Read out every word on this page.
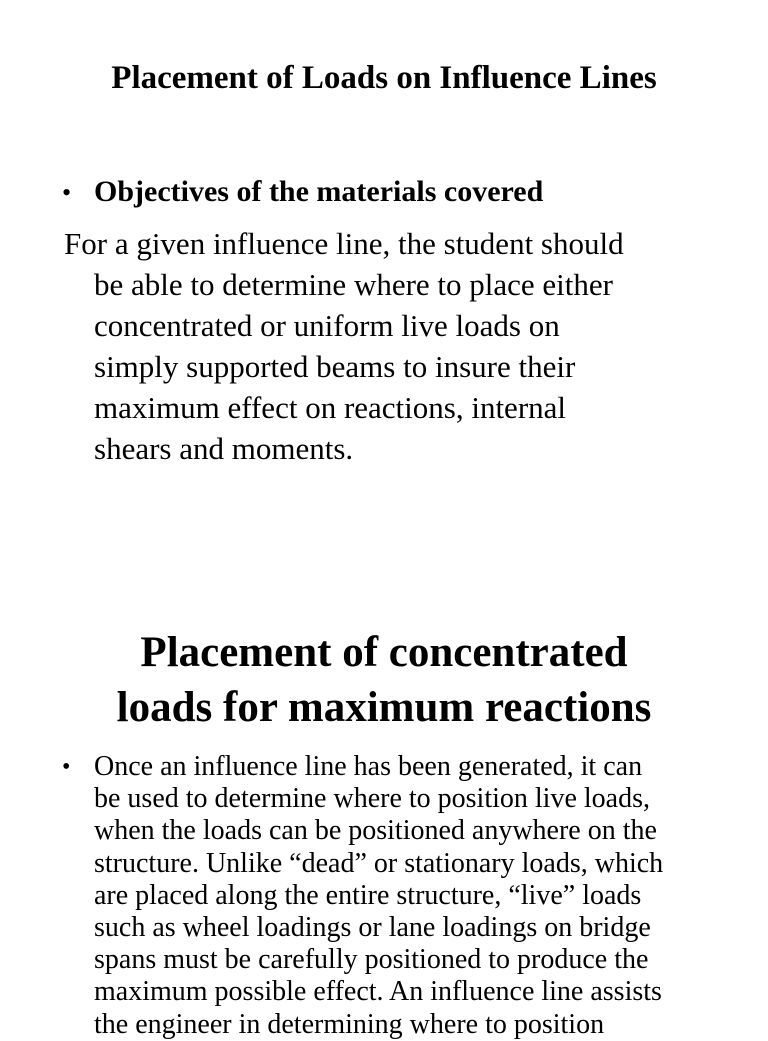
Placement of Loads on Influence Lines
• Objectives of the materials covered

For a given influence line, the student should
be able to determine where to place either
concentrated or uniform live loads on
simply supported beams to insure their
maximum effect on reactions, internal
shears and moments.

Placement of concentrated
loads for maximum reactions
• Once an influence line has been generated, it can
be used to determine where to position live loads,
when the loads can be positioned anywhere on the
structure. Unlike “dead” or stationary loads, which
are placed along the entire structure, “live” loads
such as wheel loadings or lane loadings on bridge
spans must be carefully positioned to produce the
maximum possible effect. An influence line assists
the engineer in determining where to position
